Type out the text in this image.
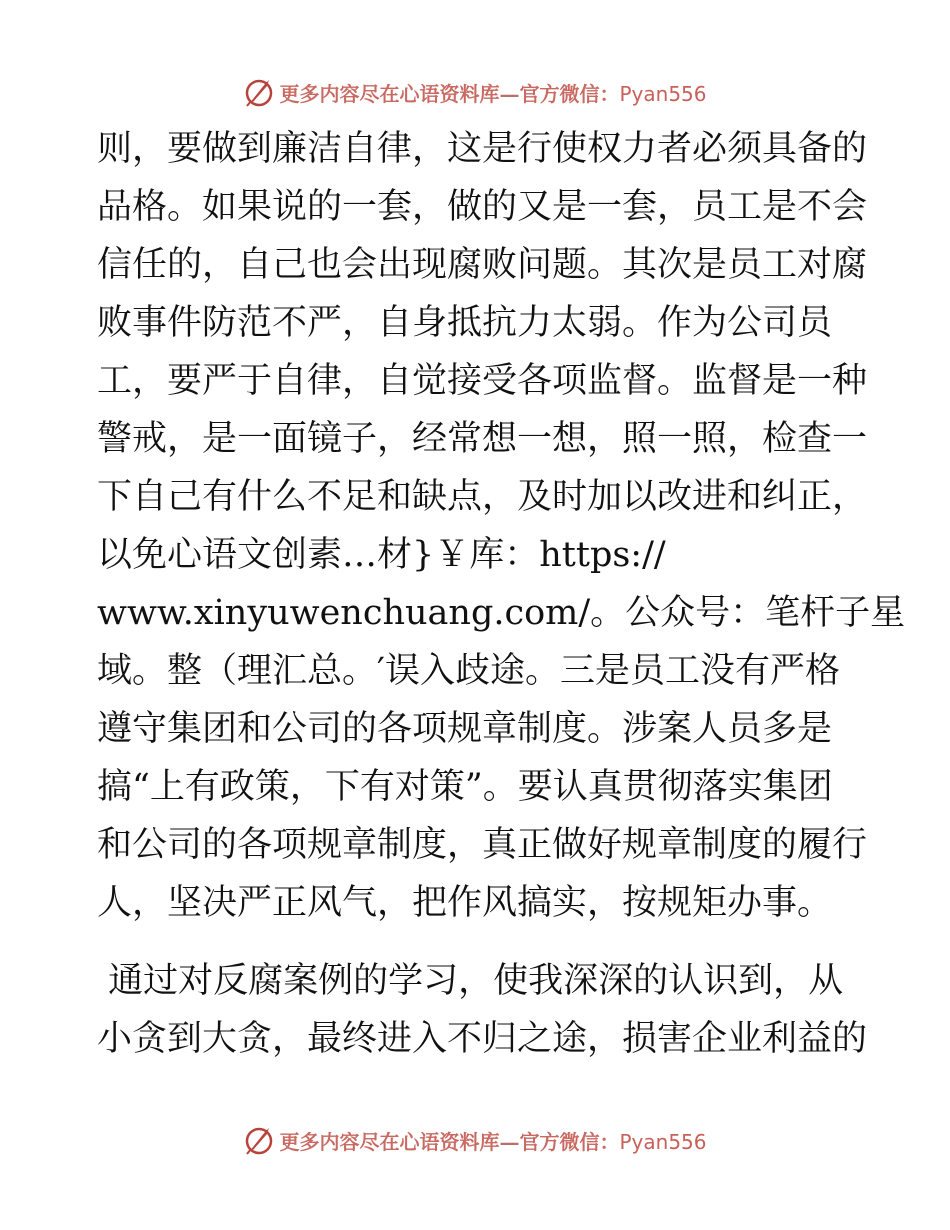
更多内容尽在心语资料库—官方微信：Pyan556
则，要做到廉洁自律，这是行使权力者必须具备的
品格。如果说的一套，做的又是一套，员工是不会
信任的，自己也会出现腐败问题。其次是员工对腐
败事件防范不严，自身抵抗力太弱。作为公司员
工，要严于自律，自觉接受各项监督。监督是一种
警戒，是一面镜子，经常想一想，照一照，检查一
下自己有什么不足和缺点，及时加以改进和纠正，
以免心语文创素…材}￥库：https://
www.xinyuwenchuang.com/。公众号：笔杆子星
域。整（理汇总。′误入歧途。三是员工没有严格
遵守集团和公司的各项规章制度。涉案人员多是
搞“上有政策，下有对策”。要认真贯彻落实集团
和公司的各项规章制度，真正做好规章制度的履行
人，坚决严正风气，把作风搞实，按规矩办事。
通过对反腐案例的学习，使我深深的认识到，从
小贪到大贪，最终进入不归之途，损害企业利益的
更多内容尽在心语资料库—官方微信：Pyan556
